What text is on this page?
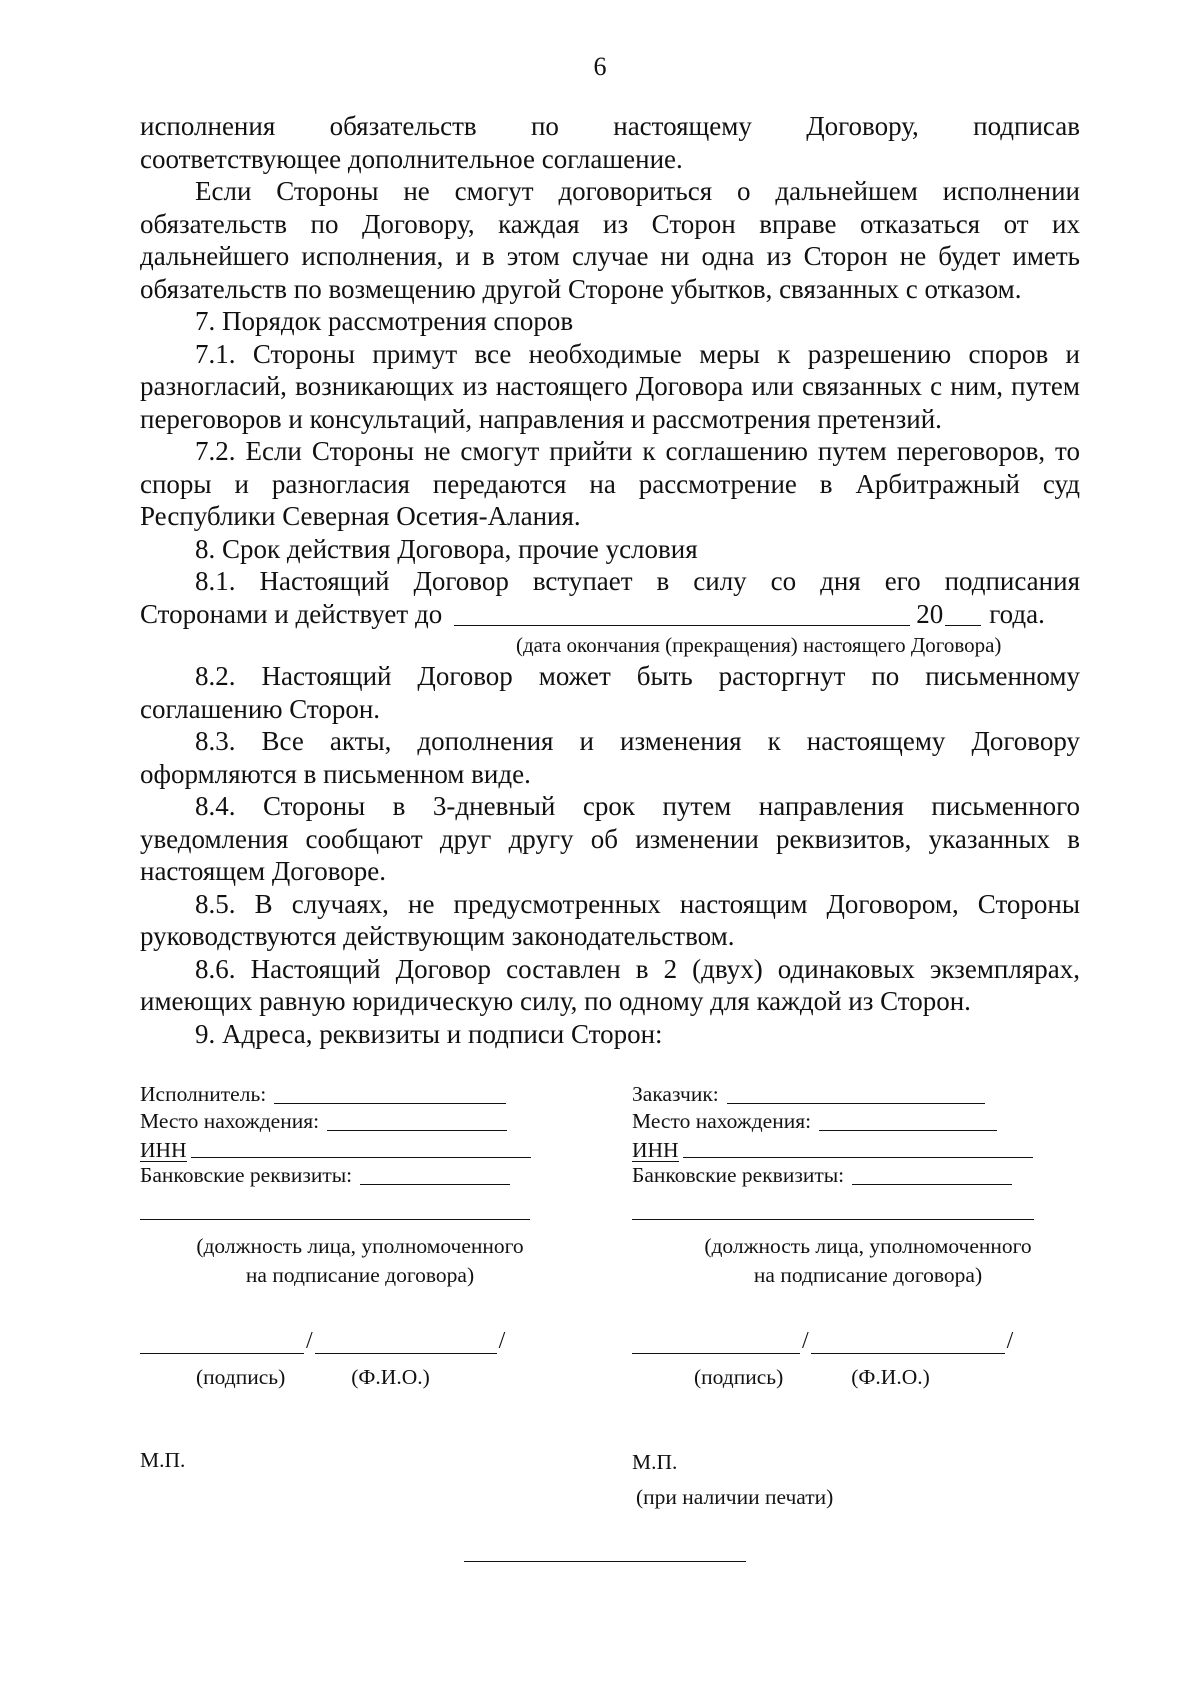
6
исполнения обязательств по настоящему Договору, подписав

соответствующее дополнительное соглашение.

Если Стороны не смогут договориться о дальнейшем исполнении обязательств по Договору, каждая из Сторон вправе отказаться от их дальнейшего исполнения, и в этом случае ни одна из Сторон не будет иметь обязательств по возмещению другой Стороне убытков, связанных с отказом.

7. Порядок рассмотрения споров

7.1. Стороны примут все необходимые меры к разрешению споров и разногласий, возникающих из настоящего Договора или связанных с ним, путем переговоров и консультаций, направления и рассмотрения претензий.

7.2. Если Стороны не смогут прийти к соглашению путем переговоров, то споры и разногласия передаются на рассмотрение в Арбитражный суд Республики Северная Осетия-Алания.

8. Срок действия Договора, прочие условия

8.1. Настоящий Договор вступает в силу со дня его подписания

Сторонами и действует до	20 года.

(дата окончания (прекращения) настоящего Договора)

8.2. Настоящий Договор может быть расторгнут по письменному соглашению Сторон.

8.3. Все акты, дополнения и изменения к настоящему Договору оформляются в письменном виде.

8.4. Стороны в 3-дневный срок путем направления письменного уведомления сообщают друг другу об изменении реквизитов, указанных в настоящем Договоре.

8.5. В случаях, не предусмотренных настоящим Договором, Стороны руководствуются действующим законодательством.

8.6. Настоящий Договор составлен в 2 (двух) одинаковых экземплярах, имеющих равную юридическую силу, по одному для каждой из Сторон.

9. Адреса, реквизиты и подписи Сторон:

Исполнитель:
Место нахождения:
ИНН
Банковские реквизиты:
(должность лица, уполномоченного
на подписание договора)
/	/
(подпись)	(Ф.И.О.)
М.П.
Заказчик:
Место нахождения:
ИНН
Банковские реквизиты:
(должность лица, уполномоченного
на подписание договора)
/	/
(подпись)	(Ф.И.О.)
М.П.
(при наличии печати)
